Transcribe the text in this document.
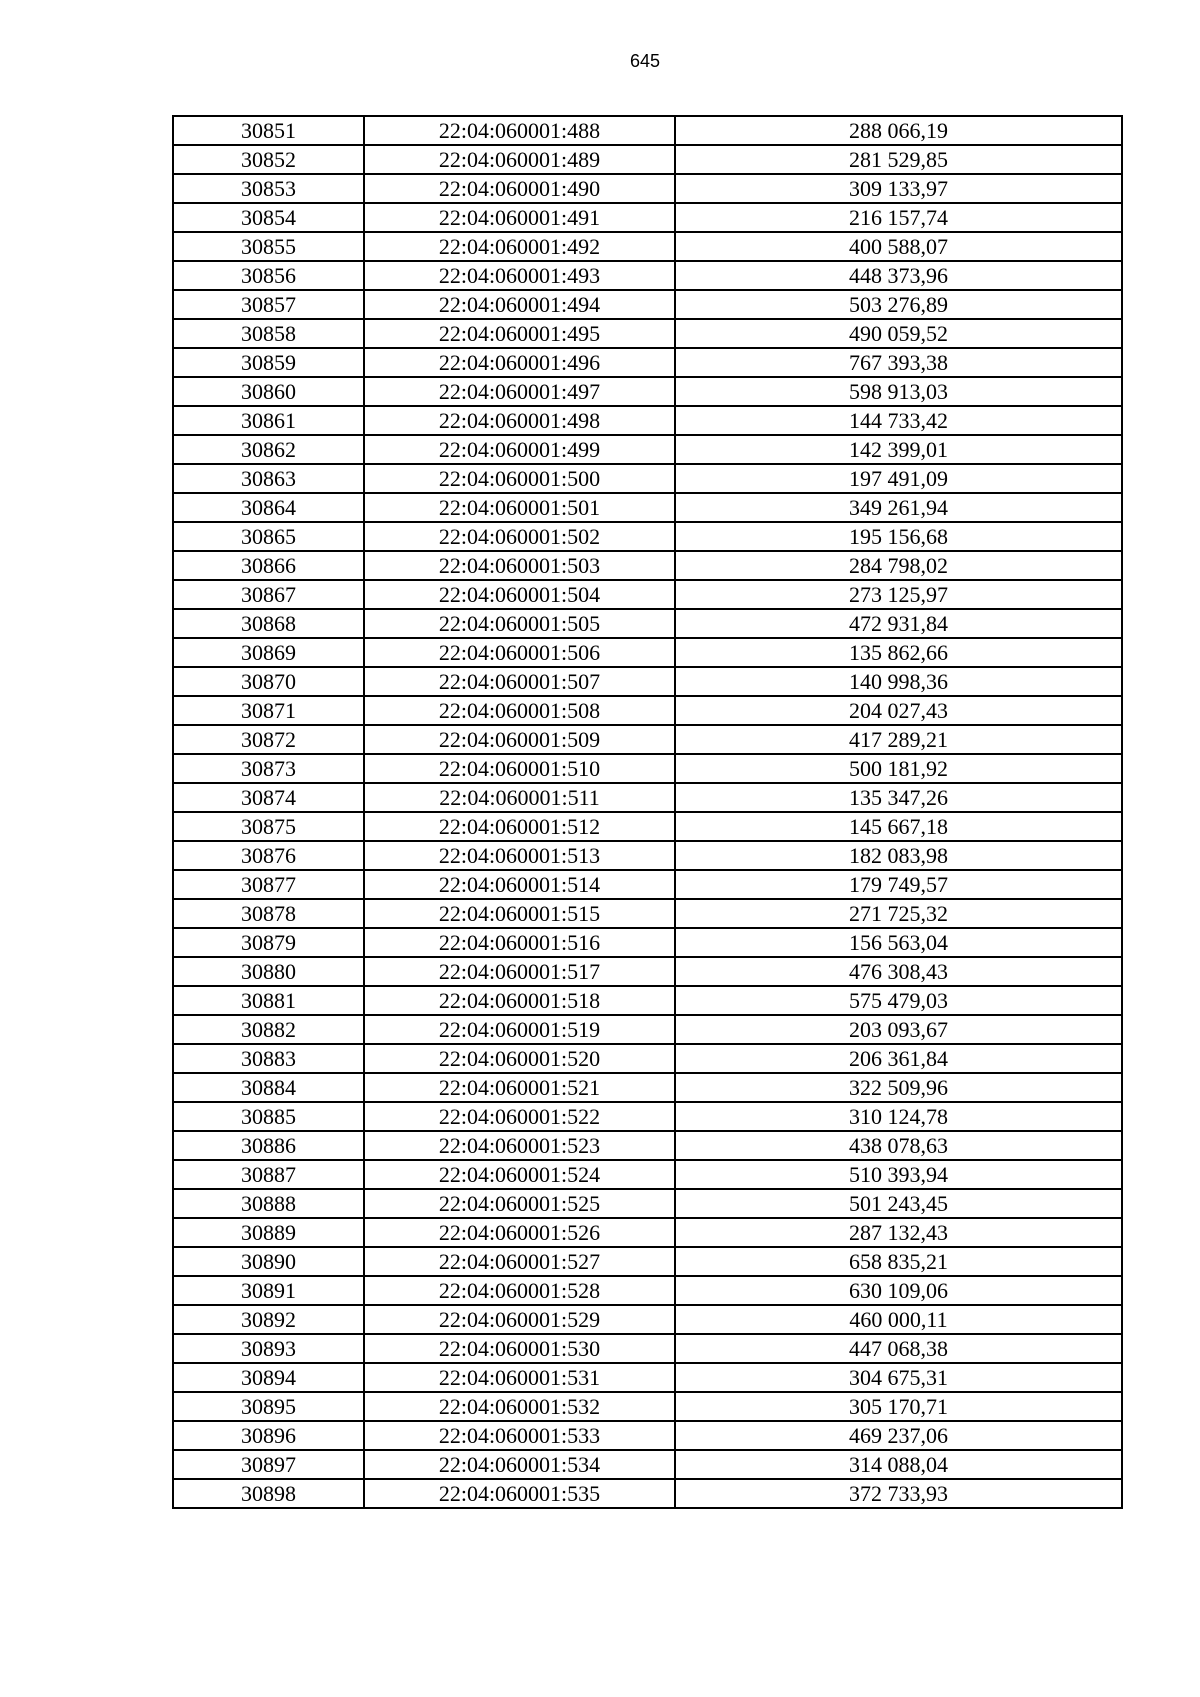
645
30851	22:04:060001:488	288 066,19
30852	22:04:060001:489	281 529,85
30853	22:04:060001:490	309 133,97
30854	22:04:060001:491	216 157,74
30855	22:04:060001:492	400 588,07
30856	22:04:060001:493	448 373,96
30857	22:04:060001:494	503 276,89
30858	22:04:060001:495	490 059,52
30859	22:04:060001:496	767 393,38
30860	22:04:060001:497	598 913,03
30861	22:04:060001:498	144 733,42
30862	22:04:060001:499	142 399,01
30863	22:04:060001:500	197 491,09
30864	22:04:060001:501	349 261,94
30865	22:04:060001:502	195 156,68
30866	22:04:060001:503	284 798,02
30867	22:04:060001:504	273 125,97
30868	22:04:060001:505	472 931,84
30869	22:04:060001:506	135 862,66
30870	22:04:060001:507	140 998,36
30871	22:04:060001:508	204 027,43
30872	22:04:060001:509	417 289,21
30873	22:04:060001:510	500 181,92
30874	22:04:060001:511	135 347,26
30875	22:04:060001:512	145 667,18
30876	22:04:060001:513	182 083,98
30877	22:04:060001:514	179 749,57
30878	22:04:060001:515	271 725,32
30879	22:04:060001:516	156 563,04
30880	22:04:060001:517	476 308,43
30881	22:04:060001:518	575 479,03
30882	22:04:060001:519	203 093,67
30883	22:04:060001:520	206 361,84
30884	22:04:060001:521	322 509,96
30885	22:04:060001:522	310 124,78
30886	22:04:060001:523	438 078,63
30887	22:04:060001:524	510 393,94
30888	22:04:060001:525	501 243,45
30889	22:04:060001:526	287 132,43
30890	22:04:060001:527	658 835,21
30891	22:04:060001:528	630 109,06
30892	22:04:060001:529	460 000,11
30893	22:04:060001:530	447 068,38
30894	22:04:060001:531	304 675,31
30895	22:04:060001:532	305 170,71
30896	22:04:060001:533	469 237,06
30897	22:04:060001:534	314 088,04
30898	22:04:060001:535	372 733,93
